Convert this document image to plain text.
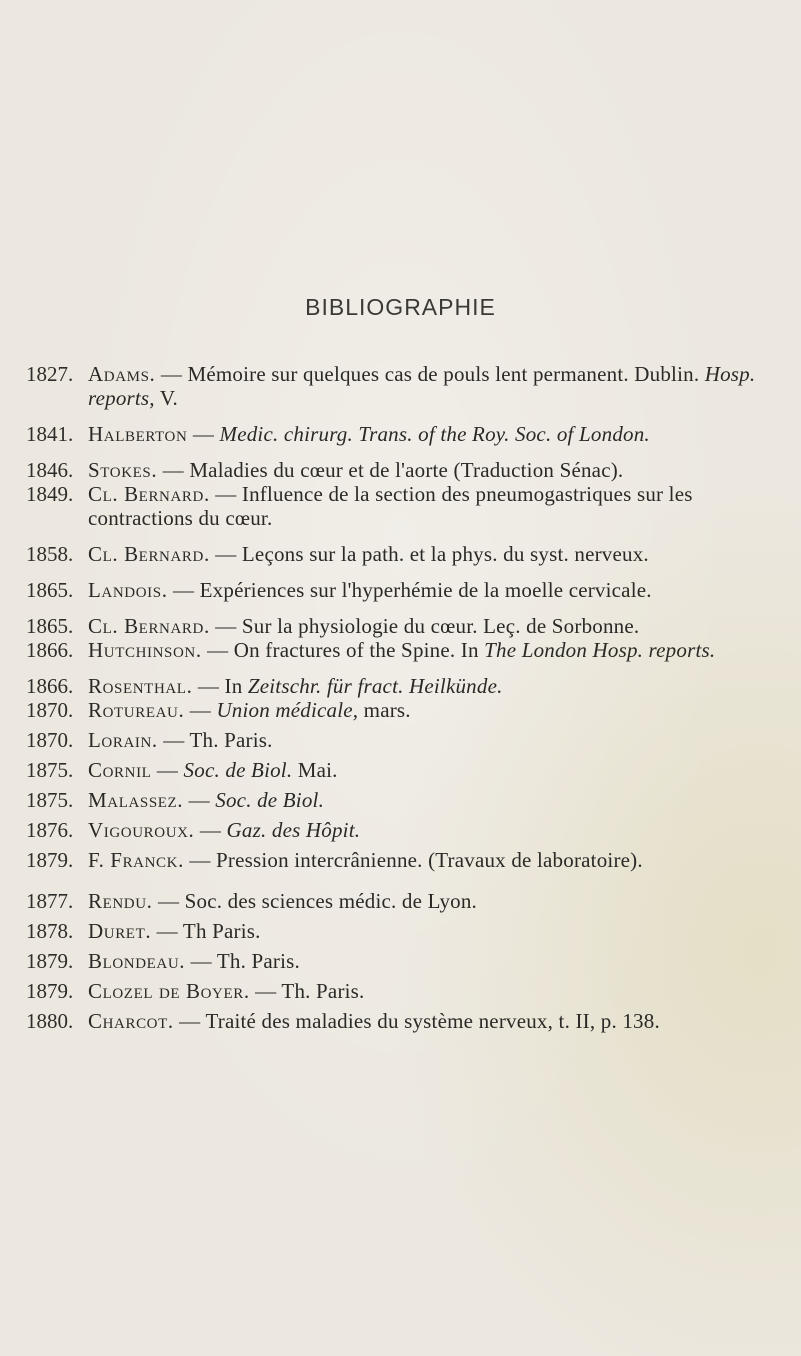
BIBLIOGRAPHIE
1827. Adams. — Mémoire sur quelques cas de pouls lent permanent. Dublin. Hosp. reports, V.
1841. Halberton — Medic. chirurg. Trans. of the Roy. Soc. of London.
1846. Stokes. — Maladies du cœur et de l'aorte (Traduction Sénac).
1849. Cl. Bernard. — Influence de la section des pneumogastriques sur les contractions du cœur.
1858. Cl. Bernard. — Leçons sur la path. et la phys. du syst. nerveux.
1865. Landois. — Expériences sur l'hyperhémie de la moelle cervicale.
1865. Cl. Bernard. — Sur la physiologie du cœur. Leç. de Sorbonne.
1866. Hutchinson. — On fractures of the Spine. In The London Hosp. reports.
1866. Rosenthal. — In Zeitschr. für fract. Heilkünde.
1870. Rotureau. — Union médicale, mars.
1870. Lorain. — Th. Paris.
1875. Cornil — Soc. de Biol. Mai.
1875. Malassez. — Soc. de Biol.
1876. Vigouroux. — Gaz. des Hôpit.
1879. F. Franck. — Pression intercrânienne. (Travaux de laboratoire).
1877. Rendu. — Soc. des sciences médic. de Lyon.
1878. Duret. — Th Paris.
1879. Blondeau. — Th. Paris.
1879. Clozel de Boyer. — Th. Paris.
1880. Charcot. — Traité des maladies du système nerveux, t. II, p. 138.
